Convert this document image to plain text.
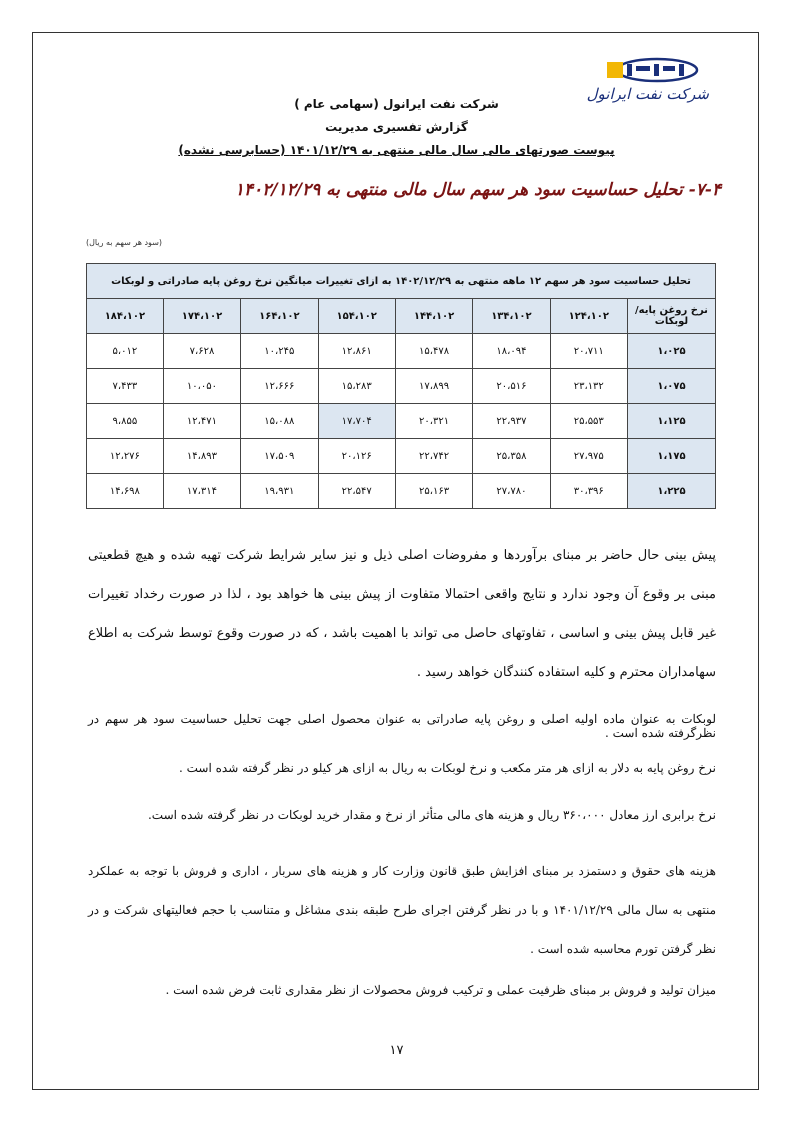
شرکت نفت ایرانول
شرکت نفت ایرانول (سهامی عام )
گزارش تفسیری مدیریت
پیوست صورتهای مالی سال مالی منتهی به ۱۴۰۱/۱۲/۲۹ (حسابرسی نشده)
۷-۴- تحلیل حساسیت سود هر سهم سال مالی منتهی به ۱۴۰۲/۱۲/۲۹
(سود هر سهم به ریال)
تحلیل حساسیت سود هر سهم ۱۲ ماهه منتهی به ۱۴۰۲/۱۲/۲۹ به ازای تغییرات میانگین نرخ روغن پایه صادراتی و لوبکات							
نرخ روغن پایه/لوبکات	۱۲۴،۱۰۲	۱۳۴،۱۰۲	۱۴۴،۱۰۲	۱۵۴،۱۰۲	۱۶۴،۱۰۲	۱۷۴،۱۰۲	۱۸۴،۱۰۲
۱،۰۲۵	۲۰،۷۱۱	۱۸،۰۹۴	۱۵،۴۷۸	۱۲،۸۶۱	۱۰،۲۴۵	۷،۶۲۸	۵،۰۱۲
۱،۰۷۵	۲۳،۱۳۲	۲۰،۵۱۶	۱۷،۸۹۹	۱۵،۲۸۳	۱۲،۶۶۶	۱۰،۰۵۰	۷،۴۳۳
۱،۱۲۵	۲۵،۵۵۳	۲۲،۹۳۷	۲۰،۳۲۱	۱۷،۷۰۴	۱۵،۰۸۸	۱۲،۴۷۱	۹،۸۵۵
۱،۱۷۵	۲۷،۹۷۵	۲۵،۳۵۸	۲۲،۷۴۲	۲۰،۱۲۶	۱۷،۵۰۹	۱۴،۸۹۳	۱۲،۲۷۶
۱،۲۲۵	۳۰،۳۹۶	۲۷،۷۸۰	۲۵،۱۶۳	۲۲،۵۴۷	۱۹،۹۳۱	۱۷،۳۱۴	۱۴،۶۹۸
پیش بینی حال حاضر بر مبنای برآوردها و مفروضات اصلی ذیل و نیز سایر شرایط شرکت تهیه شده و هیچ قطعیتی مبنی بر وقوع آن وجود ندارد و نتایج واقعی احتمالا متفاوت از پیش بینی ها خواهد بود ، لذا در صورت رخداد تغییرات غیر قابل پیش بینی و اساسی ، تفاوتهای حاصل می تواند با اهمیت باشد ، که در صورت وقوع توسط شرکت به اطلاع سهامداران محترم و کلیه استفاده کنندگان خواهد رسید .
لوبکات به عنوان ماده اولیه اصلی و روغن پایه صادراتی به عنوان محصول اصلی جهت تحلیل حساسیت سود هر سهم در نظرگرفته شده است .
نرخ روغن پایه به دلار به ازای هر متر مکعب و نرخ لوبکات به ریال به ازای هر کیلو در نظر گرفته شده است .
نرخ برابری ارز معادل ۳۶۰،۰۰۰ ریال و هزینه های مالی متأثر از نرخ و مقدار خرید لوبکات در نظر گرفته شده است.
هزینه های حقوق و دستمزد بر مبنای افزایش طبق قانون وزارت کار و هزینه های سربار ، اداری و فروش با توجه به عملکرد منتهی به سال مالی ۱۴۰۱/۱۲/۲۹ و با در نظر گرفتن اجرای طرح طبقه بندی مشاغل و متناسب با حجم فعالیتهای شرکت و در نظر گرفتن تورم محاسبه شده است .
میزان تولید و فروش بر مبنای ظرفیت عملی و ترکیب فروش محصولات از نظر مقداری ثابت فرض شده است .
۱۷
